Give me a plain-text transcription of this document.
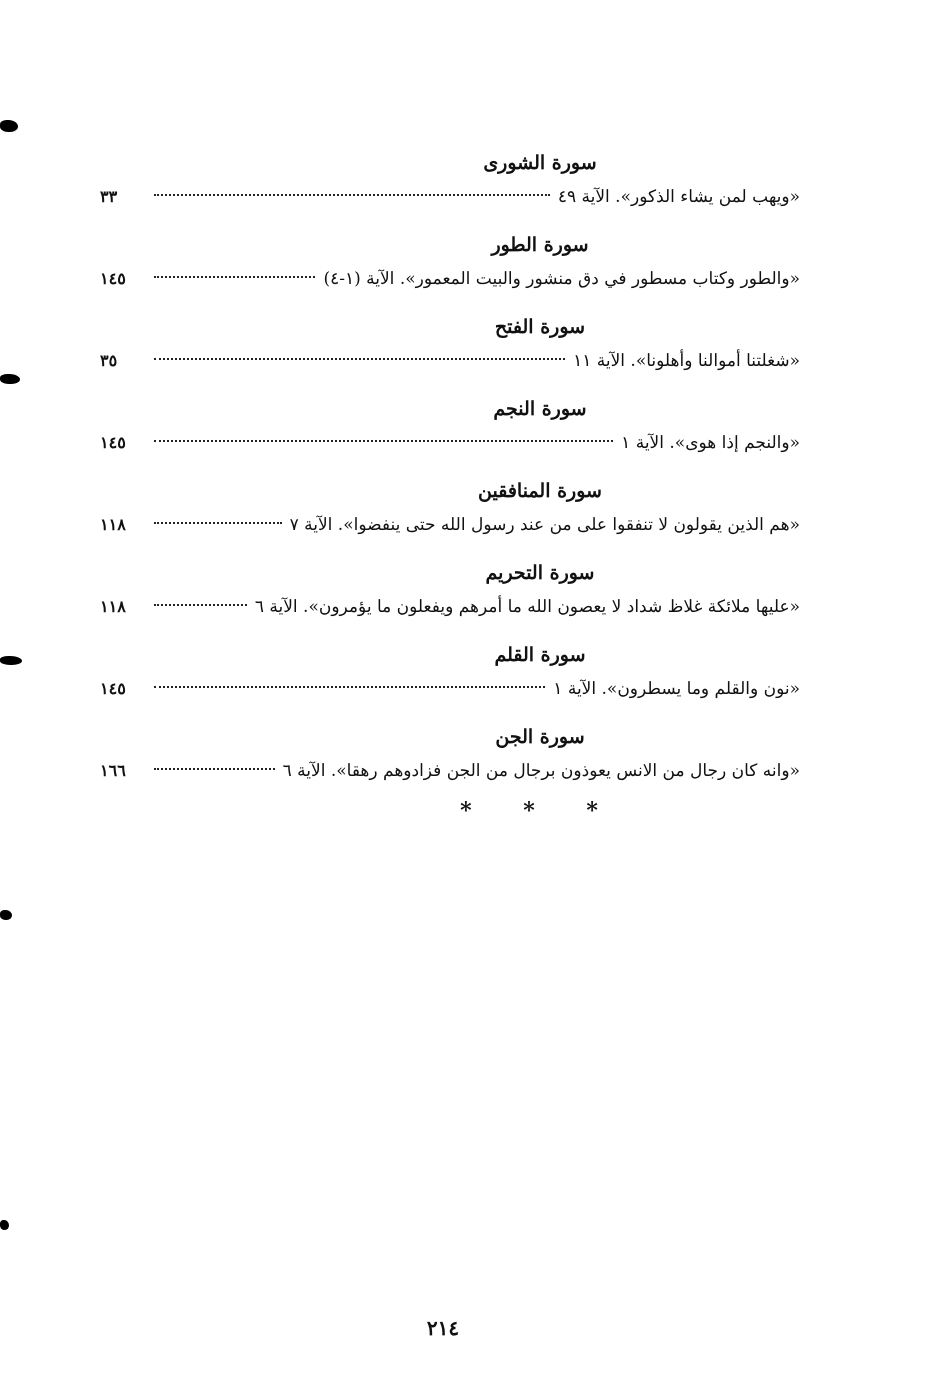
سورة الشورى
٣٣	«ويهب لمن يشاء الذكور». الآية ٤٩
سورة الطور
١٤٥	«والطور وكتاب مسطور في دق منشور والبيت المعمور». الآية (١-٤)
سورة الفتح
٣٥	«شغلتنا أموالنا وأهلونا». الآية ١١
سورة النجم
١٤٥	«والنجم إذا هوى». الآية ١
سورة المنافقين
١١٨	«هم الذين يقولون لا تنفقوا على من عند رسول الله حتى ينفضوا». الآية ٧
سورة التحريم
١١٨	«عليها ملائكة غلاظ شداد لا يعصون الله ما أمرهم ويفعلون ما يؤمرون». الآية ٦
سورة القلم
١٤٥	«نون والقلم وما يسطرون». الآية ١
سورة الجن
١٦٦	«وانه كان رجال من الانس يعوذون برجال من الجن فزادوهم رهقا». الآية ٦
* * *
٢١٤
